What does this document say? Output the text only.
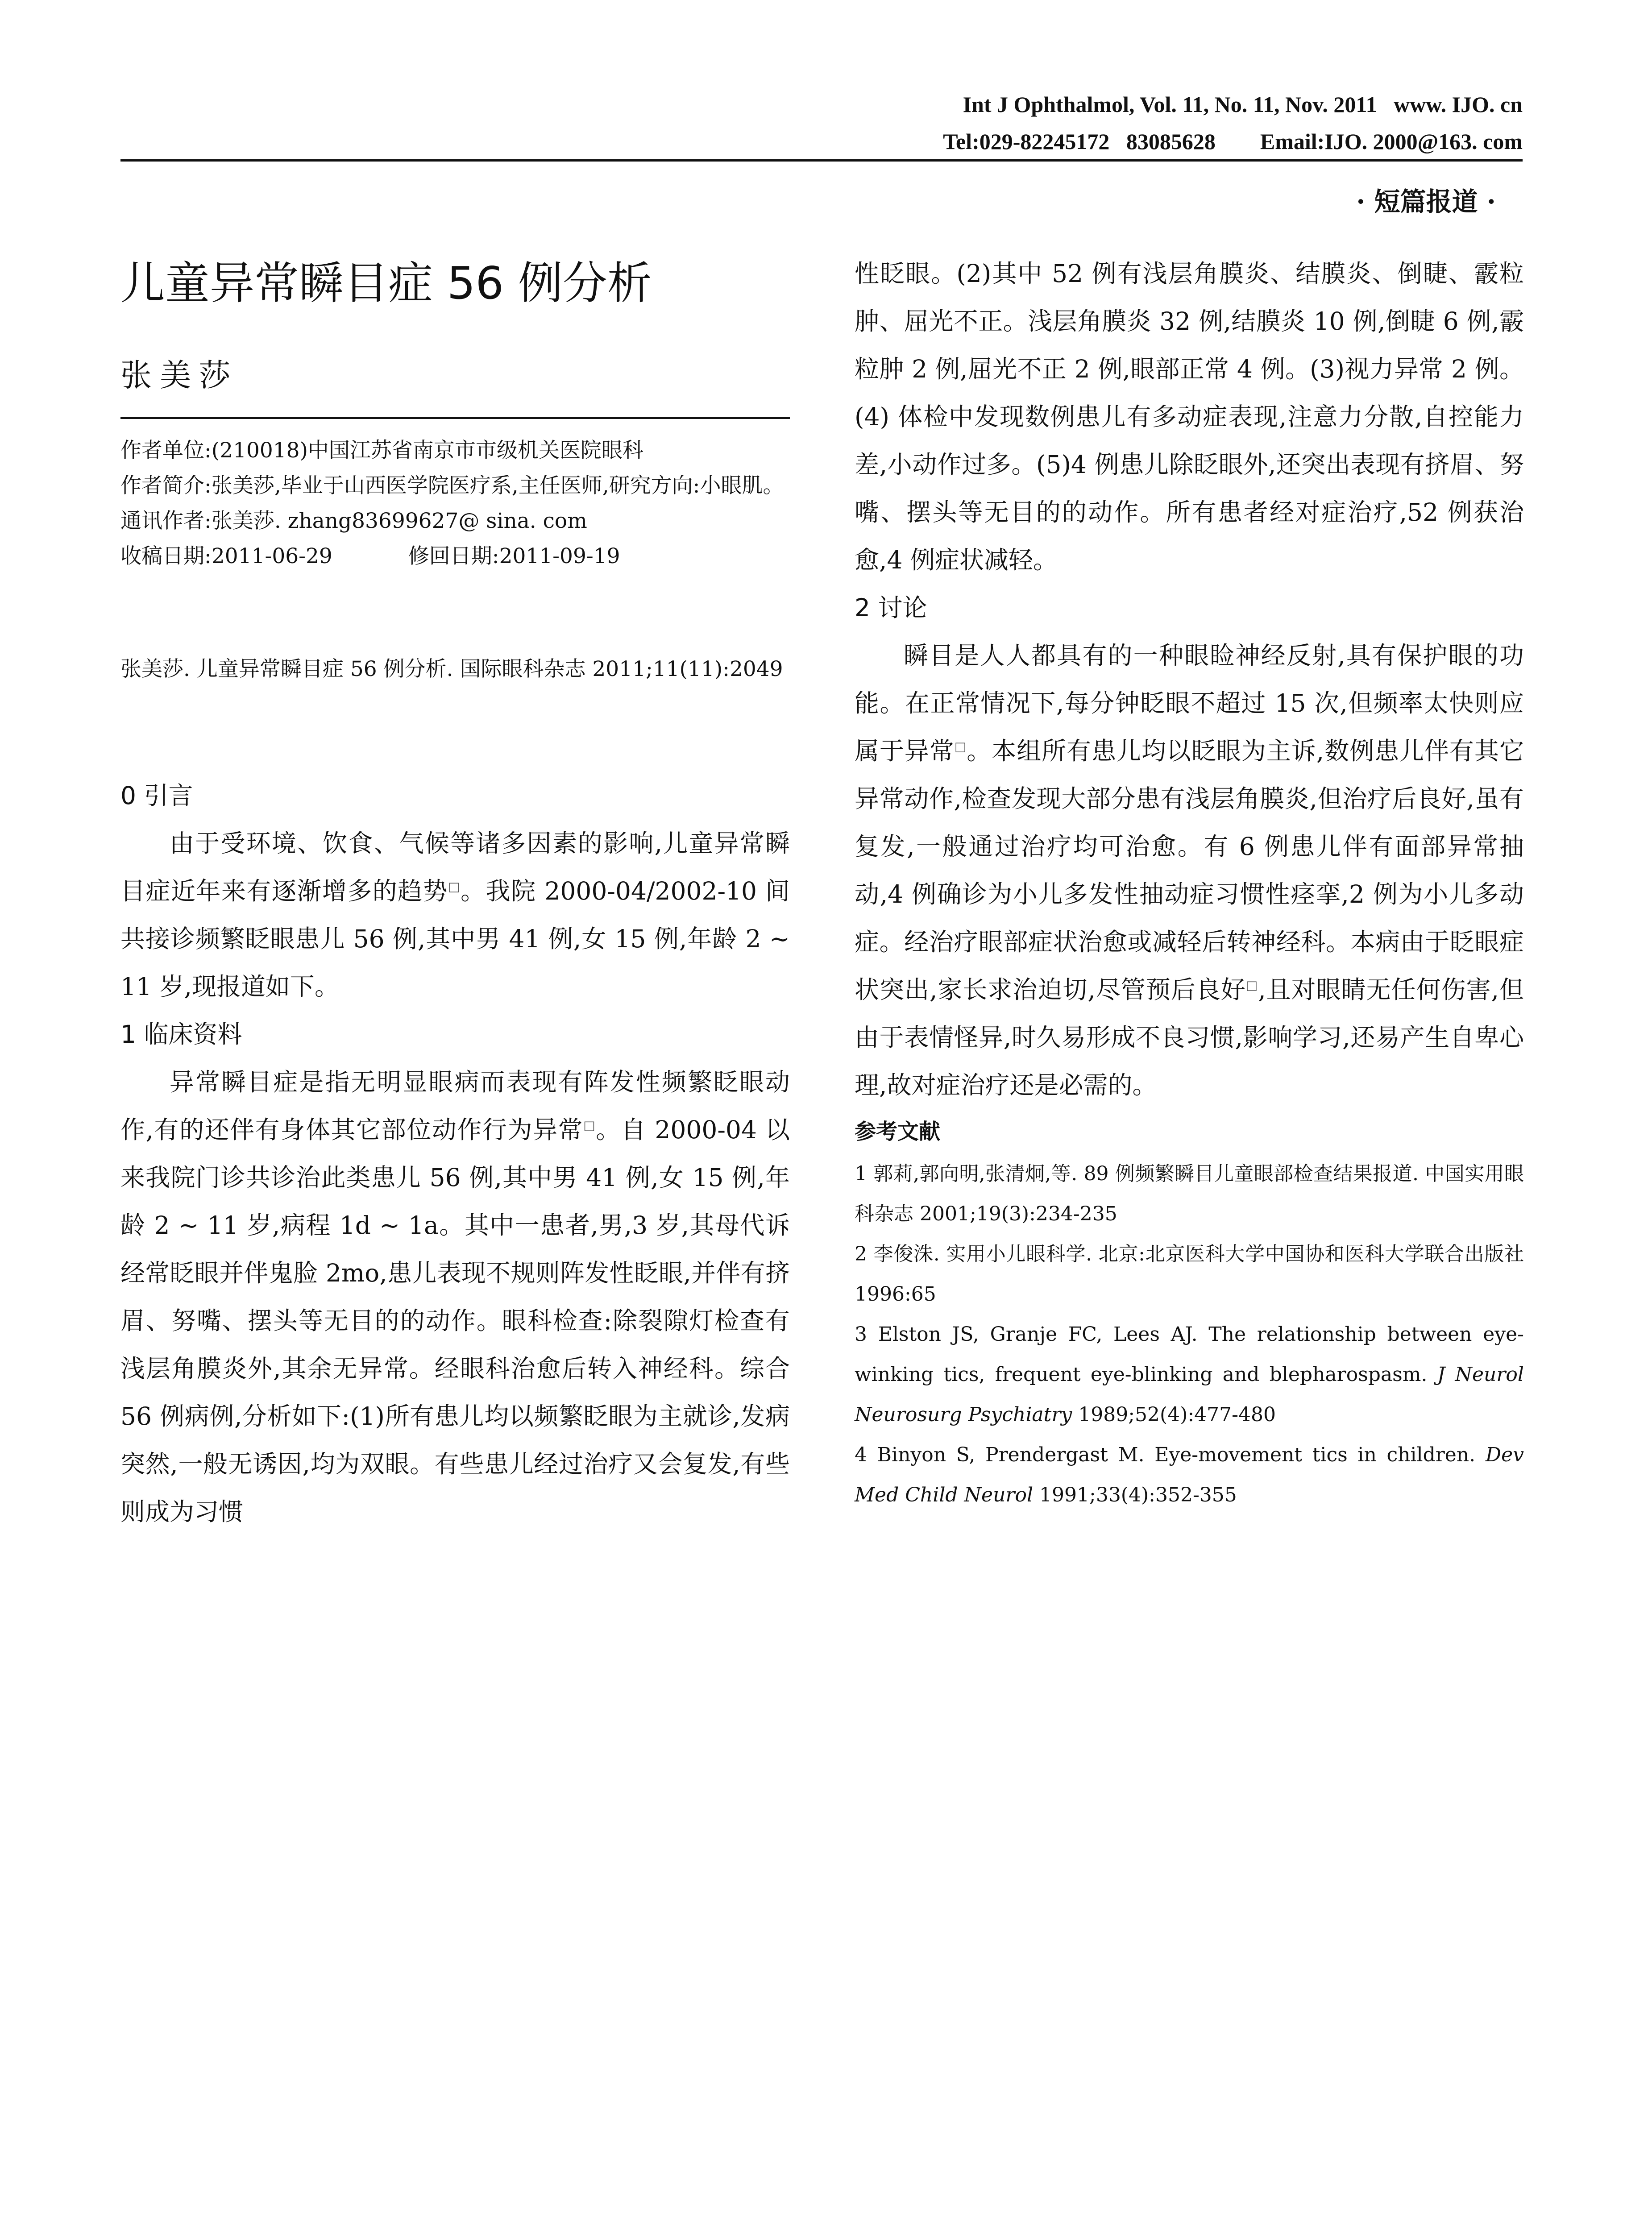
Int J Ophthalmol, Vol. 11, No. 11, Nov. 2011   www. IJO. cn
Tel:029-82245172   83085628        Email:IJO. 2000@163. com
· 短篇报道 ·
儿童异常瞬目症 56 例分析
张美莎
作者单位:(210018)中国江苏省南京市市级机关医院眼科
作者简介:张美莎,毕业于山西医学院医疗系,主任医师,研究方向:小眼肌。
通讯作者:张美莎. zhang83699627@ sina. com
收稿日期:2011-06-29	修回日期:2011-09-19
张美莎. 儿童异常瞬目症 56 例分析. 国际眼科杂志 2011;11(11):2049
0 引言

由于受环境、饮食、气候等诸多因素的影响,儿童异常瞬目症近年来有逐渐增多的趋势□。我院 2000-04/2002-10 间共接诊频繁眨眼患儿 56 例,其中男 41 例,女 15 例,年龄 2 ~ 11 岁,现报道如下。

1 临床资料

异常瞬目症是指无明显眼病而表现有阵发性频繁眨眼动作,有的还伴有身体其它部位动作行为异常□。自 2000-04 以来我院门诊共诊治此类患儿 56 例,其中男 41 例,女 15 例,年龄 2 ~ 11 岁,病程 1d ~ 1a。其中一患者,男,3 岁,其母代诉经常眨眼并伴鬼脸 2mo,患儿表现不规则阵发性眨眼,并伴有挤眉、努嘴、摆头等无目的的动作。眼科检查:除裂隙灯检查有浅层角膜炎外,其余无异常。经眼科治愈后转入神经科。综合 56 例病例,分析如下:(1)所有患儿均以频繁眨眼为主就诊,发病突然,一般无诱因,均为双眼。有些患儿经过治疗又会复发,有些则成为习惯

性眨眼。(2)其中 52 例有浅层角膜炎、结膜炎、倒睫、霰粒肿、屈光不正。浅层角膜炎 32 例,结膜炎 10 例,倒睫 6 例,霰粒肿 2 例,屈光不正 2 例,眼部正常 4 例。(3)视力异常 2 例。(4) 体检中发现数例患儿有多动症表现,注意力分散,自控能力差,小动作过多。(5)4 例患儿除眨眼外,还突出表现有挤眉、努嘴、摆头等无目的的动作。所有患者经对症治疗,52 例获治愈,4 例症状减轻。

2 讨论

瞬目是人人都具有的一种眼睑神经反射,具有保护眼的功能。在正常情况下,每分钟眨眼不超过 15 次,但频率太快则应属于异常□。本组所有患儿均以眨眼为主诉,数例患儿伴有其它异常动作,检查发现大部分患有浅层角膜炎,但治疗后良好,虽有复发,一般通过治疗均可治愈。有 6 例患儿伴有面部异常抽动,4 例确诊为小儿多发性抽动症习惯性痉挛,2 例为小儿多动症。经治疗眼部症状治愈或减轻后转神经科。本病由于眨眼症状突出,家长求治迫切,尽管预后良好□,且对眼睛无任何伤害,但由于表情怪异,时久易形成不良习惯,影响学习,还易产生自卑心理,故对症治疗还是必需的。

参考文献

1 郭莉,郭向明,张清炯,等. 89 例频繁瞬目儿童眼部检查结果报道. 中国实用眼科杂志 2001;19(3):234-235

2 李俊洙. 实用小儿眼科学. 北京:北京医科大学中国协和医科大学联合出版社 1996:65

3 Elston JS, Granje FC, Lees AJ. The relationship between eye-winking tics, frequent eye-blinking and blepharospasm. J Neurol Neurosurg Psychiatry 1989;52(4):477-480

4 Binyon S, Prendergast M. Eye-movement tics in children. Dev Med Child Neurol 1991;33(4):352-355
